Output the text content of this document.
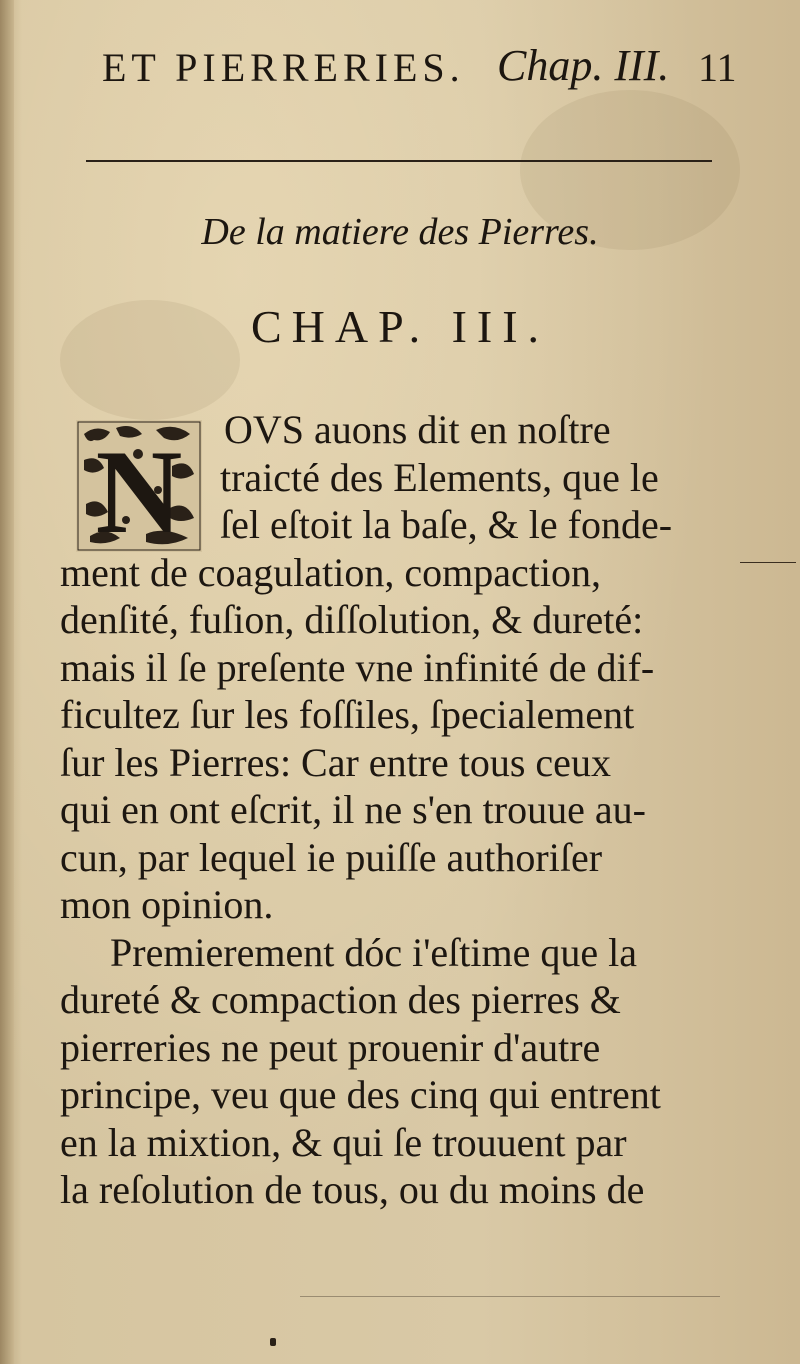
ET PIERRERIES. Chap. III. 11
De la matiere des Pierres.
CHAP. III.
N	OVS auons dit en noſtre
traicté des Elements, que le
ſel eſtoit la baſe, & le fonde-
ment de coagulation, compaction,
denſité, fuſion, diſſolution, & dureté:
mais il ſe preſente vne infinité de dif-
ficultez ſur les foſſiles, ſpecialement
ſur les Pierres: Car entre tous ceux
qui en ont eſcrit, il ne s'en trouue au-
cun, par lequel ie puiſſe authoriſer
mon opinion.
Premierement dóc i'eſtime que la
dureté & compaction des pierres &
pierreries ne peut prouenir d'autre
principe, veu que des cinq qui entrent
en la mixtion, & qui ſe trouuent par
la reſolution de tous, ou du moins de
